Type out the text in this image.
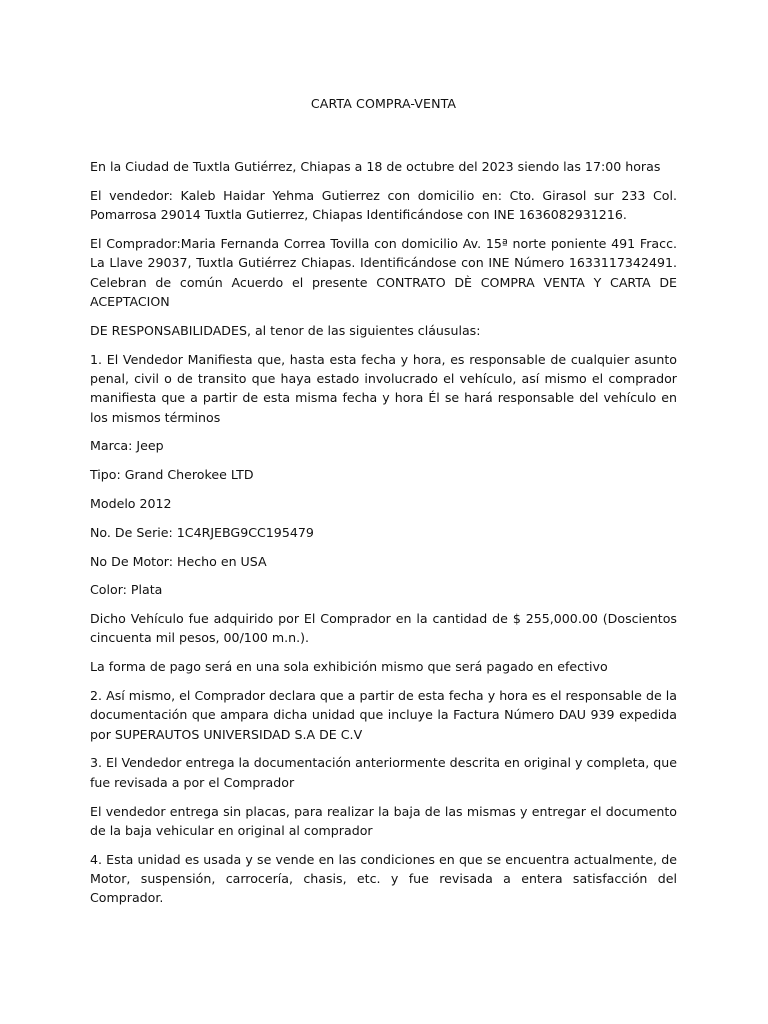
CARTA COMPRA-VENTA

En la Ciudad de Tuxtla Gutiérrez, Chiapas a 18 de octubre del 2023 siendo las 17:00 horas

El vendedor: Kaleb Haidar Yehma Gutierrez con domicilio en: Cto. Girasol sur 233 Col. Pomarrosa 29014 Tuxtla Gutierrez, Chiapas Identificándose con INE 1636082931216.

El Comprador:Maria Fernanda Correa Tovilla con domicilio Av. 15ª norte poniente 491 Fracc. La Llave 29037, Tuxtla Gutiérrez Chiapas. Identificándose con INE Número 1633117342491. Celebran de común Acuerdo el presente CONTRATO DÈ COMPRA VENTA Y CARTA DE ACEPTACION

DE RESPONSABILIDADES, al tenor de las siguientes cláusulas:

1. El Vendedor Manifiesta que, hasta esta fecha y hora, es responsable de cualquier asunto penal, civil o de transito que haya estado involucrado el vehículo, así mismo el comprador manifiesta que a partir de esta misma fecha y hora Él se hará responsable del vehículo en los mismos términos

Marca: Jeep

Tipo: Grand Cherokee LTD

Modelo 2012

No. De Serie: 1C4RJEBG9CC195479

No De Motor: Hecho en USA

Color: Plata

Dicho Vehículo fue adquirido por El Comprador en la cantidad de $ 255,000.00 (Doscientos cincuenta mil pesos, 00/100 m.n.).

La forma de pago será en una sola exhibición mismo que será pagado en efectivo

2. Así mismo, el Comprador declara que a partir de esta fecha y hora es el responsable de la documentación que ampara dicha unidad que incluye la Factura Número DAU 939 expedida por SUPERAUTOS UNIVERSIDAD S.A DE C.V

3. El Vendedor entrega la documentación anteriormente descrita en original y completa, que fue revisada a por el Comprador

El vendedor entrega sin placas, para realizar la baja de las mismas y entregar el documento de la baja vehicular en original al comprador

4. Esta unidad es usada y se vende en las condiciones en que se encuentra actualmente, de Motor, suspensión, carrocería, chasis, etc. y fue revisada a entera satisfacción del Comprador.
